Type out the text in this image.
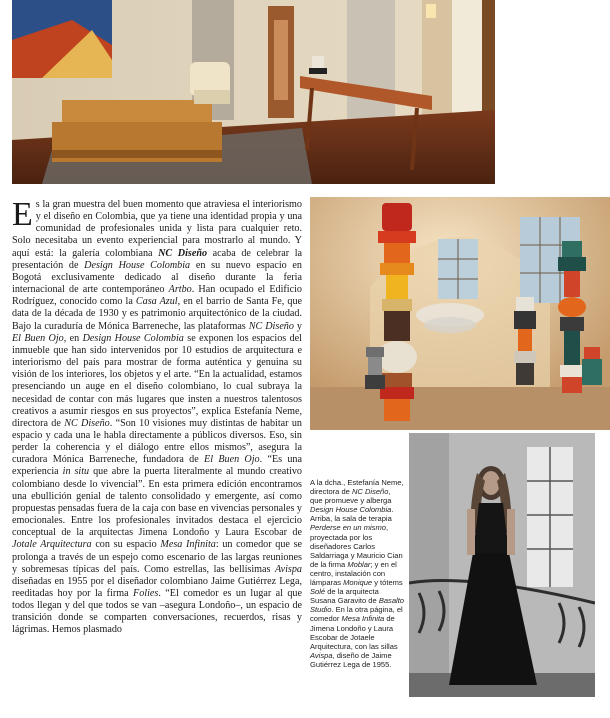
Es la gran muestra del buen momento que atraviesa el interiorismo y el diseño en Colombia, que ya tiene una identidad propia y una comunidad de profesionales unida y lista para cualquier reto. Solo necesitaba un evento experiencial para mostrarlo al mundo. Y aquí está: la galería colombiana NC Diseño acaba de celebrar la presentación de Design House Colombia en su nuevo espacio en Bogotá exclusivamente dedicado al diseño durante la feria internacional de arte contemporáneo Artbo. Han ocupado el Edificio Rodríguez, conocido como la Casa Azul, en el barrio de Santa Fe, que data de la década de 1930 y es patrimonio arquitectónico de la ciudad. Bajo la curaduría de Mónica Barreneche, las plataformas NC Diseño y El Buen Ojo, en Design House Colombia se exponen los espacios del inmueble que han sido intervenidos por 10 estudios de arquitectura e interiorismo del país para mostrar de forma auténtica y genuina su visión de los interiores, los objetos y el arte. “En la actualidad, estamos presenciando un auge en el diseño colombiano, lo cual subraya la necesidad de contar con más lugares que insten a nuestros talentosos creativos a asumir riesgos en sus proyectos”, explica Estefanía Neme, directora de NC Diseño. “Son 10 visiones muy distintas de habitar un espacio y cada una le habla directamente a públicos diversos. Eso, sin perder la coherencia y el diálogo entre ellos mismos”, asegura la curadora Mónica Barreneche, fundadora de El Buen Ojo. “Es una experiencia in situ que abre la puerta literalmente al mundo creativo colombiano desde lo vivencial”. En esta primera edición encontramos una ebullición genial de talento consolidado y emergente, así como propuestas pensadas fuera de la caja con base en vivencias personales y emocionales. Entre los profesionales invitados destaca el ejercicio conceptual de la arquitectas Jimena Londoño y Laura Escobar de Jotale Arquitectura con su espacio Mesa Infinita: un comedor que se prolonga a través de un espejo como escenario de las largas reuniones y sobremesas típicas del país. Como estrellas, las bellísimas Avispa diseñadas en 1955 por el diseñador colombiano Jaime Gutiérrez Lega, reeditadas hoy por la firma Folies. “El comedor es un lugar al que todos llegan y del que todos se van –asegura Londoño–, un espacio de transición donde se comparten conversaciones, recuerdos, risas y lágrimas. Hemos plasmado

A la dcha., Estefanía Neme, directora de NC Diseño, que promueve y alberga Design House Colombia. Arriba, la sala de terapia Perderse en un mismo, proyectada por los diseñadores Carlos Saldarriaga y Mauricio Cian de la firma Moblar; y en el centro, instalación con lámparas Monique y tótems Solé de la arquitecta Susana Garavito de Basalto Studio. En la otra página, el comedor Mesa Infinita de Jimena Londoño y Laura Escobar de Jotaele Arquitectura, con las sillas Avispa, diseño de Jaime Gutiérrez Lega de 1955.
